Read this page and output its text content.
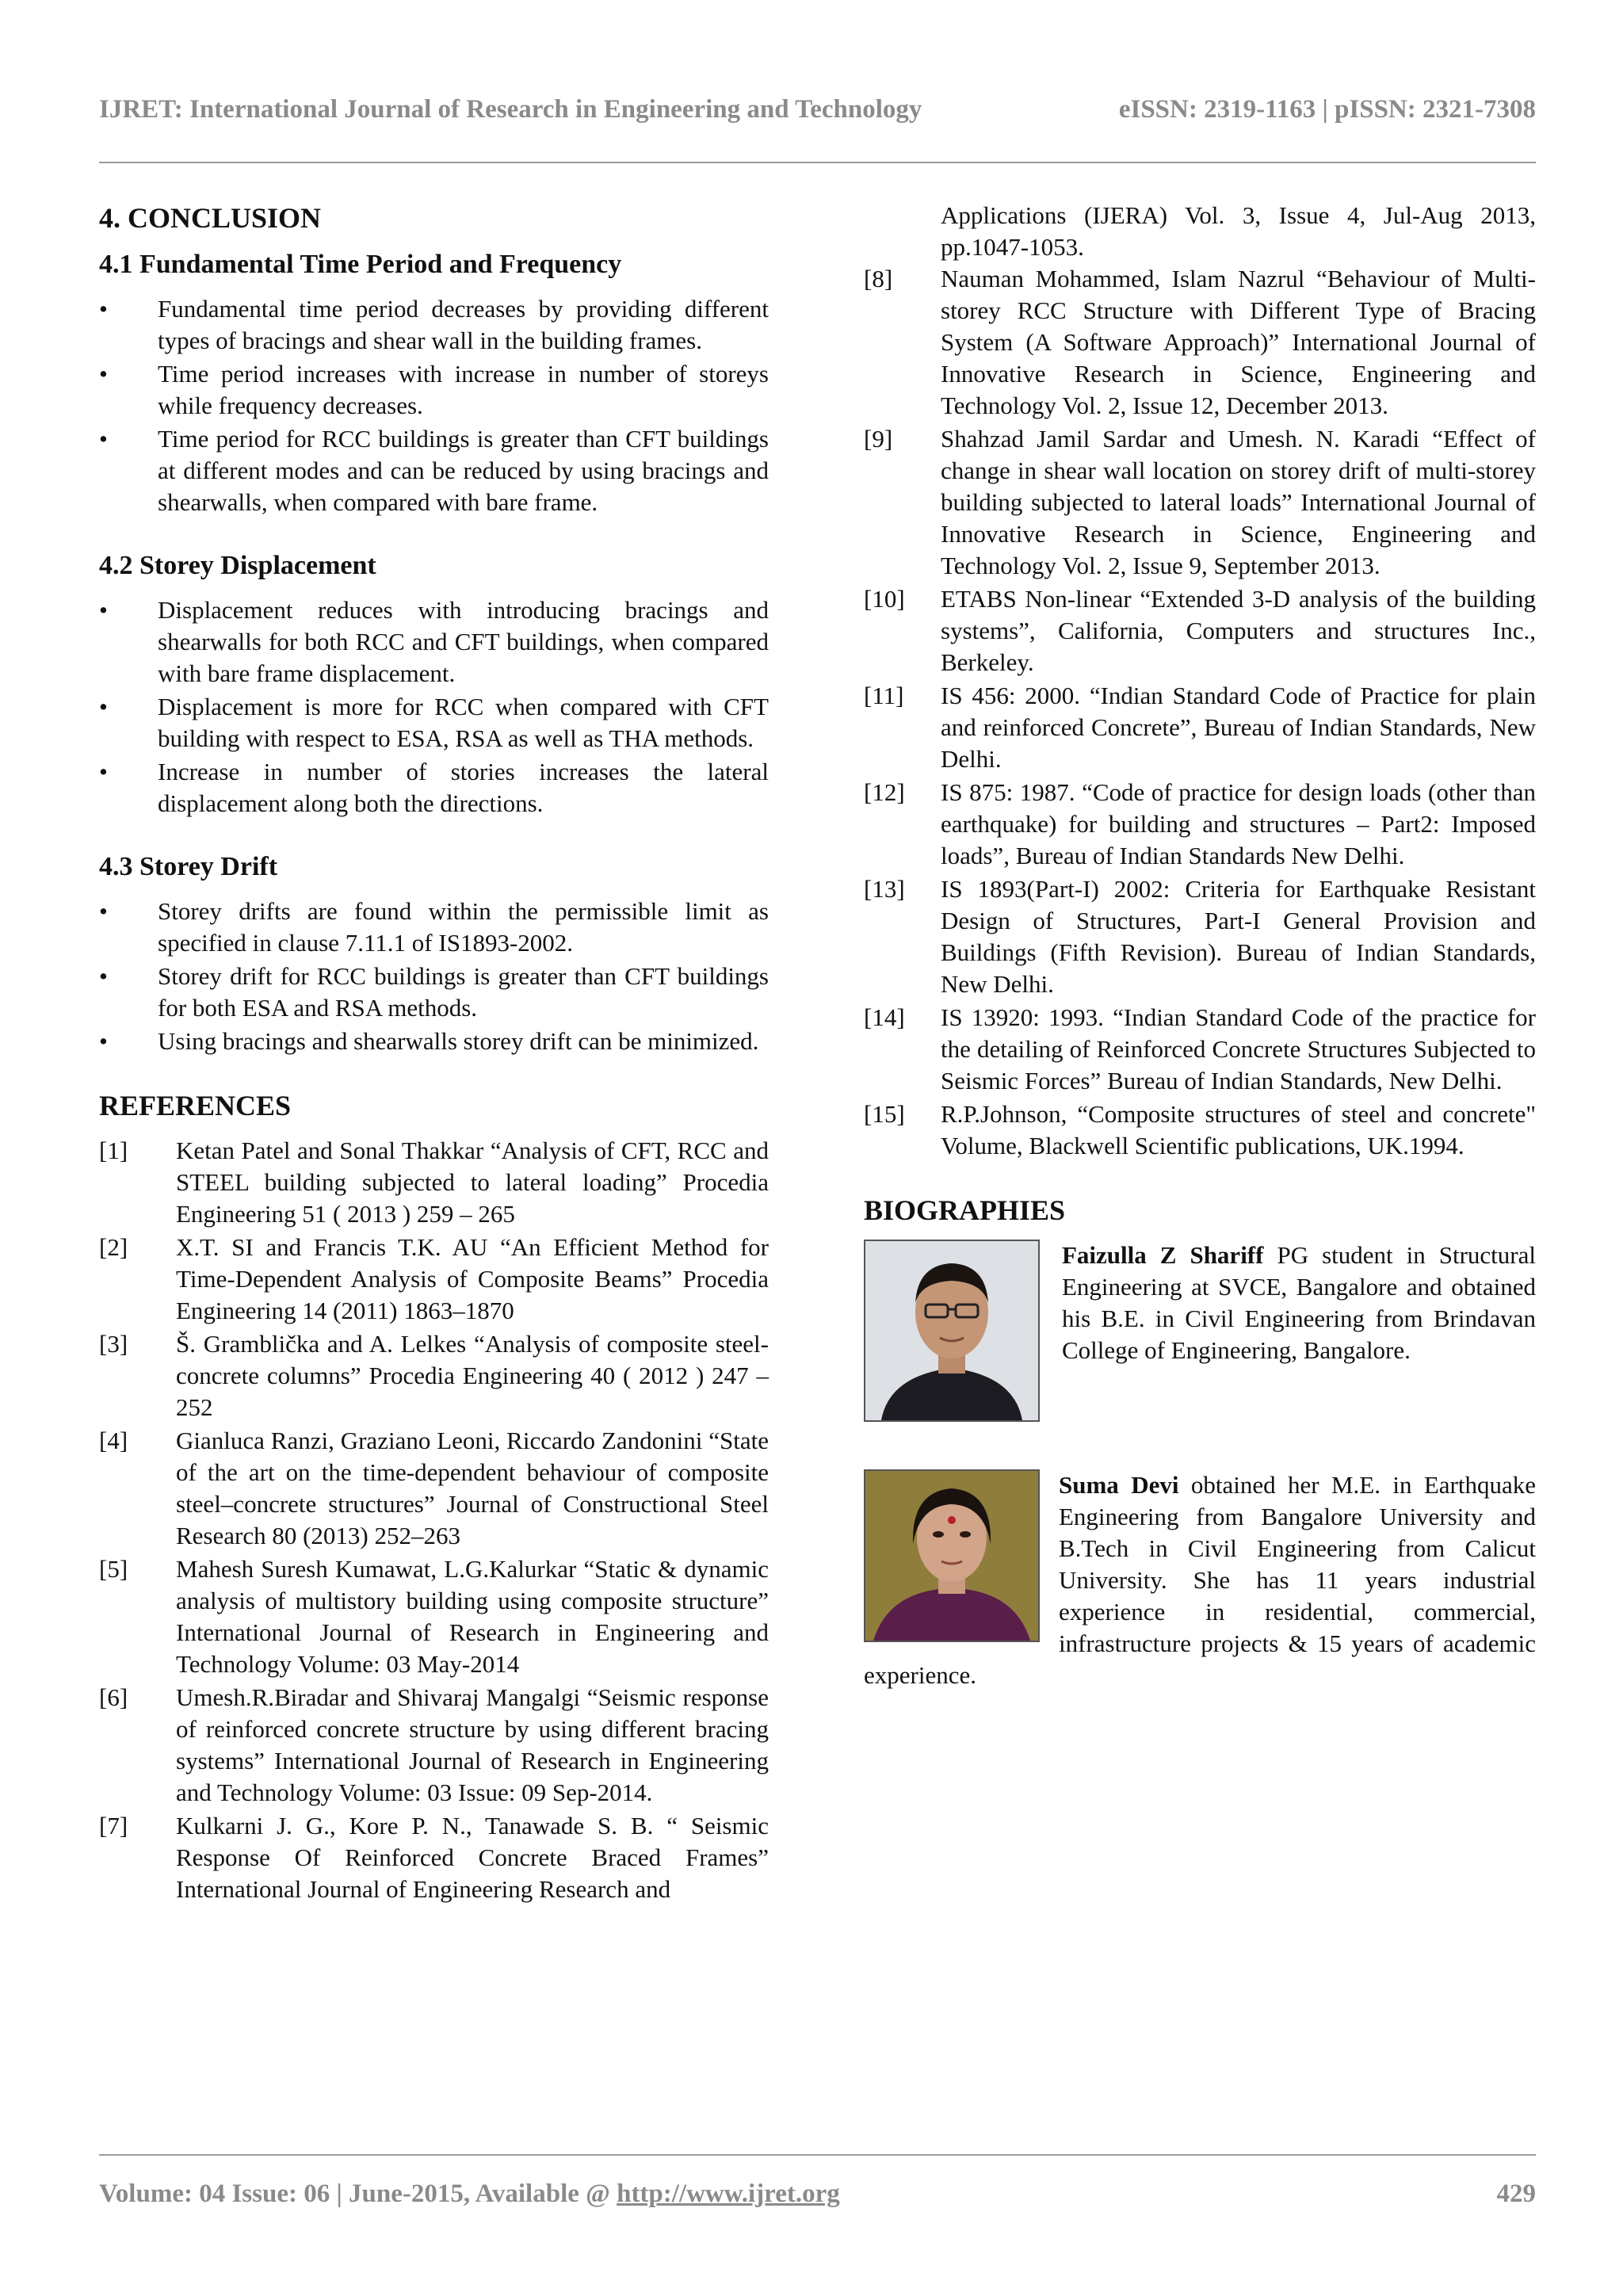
IJRET: International Journal of Research in Engineering and Technology	eISSN: 2319-1163 | pISSN: 2321-7308
4. CONCLUSION
4.1 Fundamental Time Period and Frequency
• Fundamental time period decreases by providing different types of bracings and shear wall in the building frames.
• Time period increases with increase in number of storeys while frequency decreases.
• Time period for RCC buildings is greater than CFT buildings at different modes and can be reduced by using bracings and shearwalls, when compared with bare frame.
4.2 Storey Displacement
• Displacement reduces with introducing bracings and shearwalls for both RCC and CFT buildings, when compared with bare frame displacement.
• Displacement is more for RCC when compared with CFT building with respect to ESA, RSA as well as THA methods.
• Increase in number of stories increases the lateral displacement along both the directions.
4.3 Storey Drift
• Storey drifts are found within the permissible limit as specified in clause 7.11.1 of IS1893-2002.
• Storey drift for RCC buildings is greater than CFT buildings for both ESA and RSA methods.
• Using bracings and shearwalls storey drift can be minimized.
REFERENCES
[1]	Ketan Patel and Sonal Thakkar “Analysis of CFT, RCC and STEEL building subjected to lateral loading” Procedia Engineering 51 ( 2013 ) 259 – 265
[2]	X.T. SI and Francis T.K. AU “An Efficient Method for Time-Dependent Analysis of Composite Beams” Procedia Engineering 14 (2011) 1863–1870
[3]	Š. Gramblička and A. Lelkes “Analysis of composite steel-concrete columns” Procedia Engineering 40 ( 2012 ) 247 – 252
[4]	Gianluca Ranzi, Graziano Leoni, Riccardo Zandonini “State of the art on the time-dependent behaviour of composite steel–concrete structures” Journal of Constructional Steel Research 80 (2013) 252–263
[5]	Mahesh Suresh Kumawat, L.G.Kalurkar “Static & dynamic analysis of multistory building using composite structure” International Journal of Research in Engineering and Technology Volume: 03 May-2014
[6]	Umesh.R.Biradar and Shivaraj Mangalgi “Seismic response of reinforced concrete structure by using different bracing systems” International Journal of Research in Engineering and Technology Volume: 03 Issue: 09 Sep-2014.
[7]	Kulkarni J. G., Kore P. N., Tanawade S. B. “ Seismic Response Of Reinforced Concrete Braced Frames” International Journal of Engineering Research and
Applications (IJERA) Vol. 3, Issue 4, Jul-Aug 2013, pp.1047-1053.
[8]	Nauman Mohammed, Islam Nazrul “Behaviour of Multi-storey RCC Structure with Different Type of Bracing System (A Software Approach)” International Journal of Innovative Research in Science, Engineering and Technology Vol. 2, Issue 12, December 2013.
[9]	Shahzad Jamil Sardar and Umesh. N. Karadi “Effect of change in shear wall location on storey drift of multi-storey building subjected to lateral loads” International Journal of Innovative Research in Science, Engineering and Technology Vol. 2, Issue 9, September 2013.
[10]	ETABS Non-linear “Extended 3-D analysis of the building systems”, California, Computers and structures Inc., Berkeley.
[11]	IS 456: 2000. “Indian Standard Code of Practice for plain and reinforced Concrete”, Bureau of Indian Standards, New Delhi.
[12]	IS 875: 1987. “Code of practice for design loads (other than earthquake) for building and structures – Part2: Imposed loads”, Bureau of Indian Standards New Delhi.
[13]	IS 1893(Part-I) 2002: Criteria for Earthquake Resistant Design of Structures, Part-I General Provision and Buildings (Fifth Revision). Bureau of Indian Standards, New Delhi.
[14]	IS 13920: 1993. “Indian Standard Code of the practice for the detailing of Reinforced Concrete Structures Subjected to Seismic Forces” Bureau of Indian Standards, New Delhi.
[15]	R.P.Johnson, “Composite structures of steel and concrete" Volume, Blackwell Scientific publications, UK.1994.
BIOGRAPHIES
Faizulla Z Shariff PG student in Structural Engineering at SVCE, Bangalore and obtained his B.E. in Civil Engineering from Brindavan College of Engineering, Bangalore.
Suma Devi obtained her M.E. in Earthquake Engineering from Bangalore University and B.Tech in Civil Engineering from Calicut University. She has 11 years industrial experience in residential, commercial, infrastructure projects & 15 years of academic experience.
Volume: 04 Issue: 06 | June-2015, Available @ http://www.ijret.org	429
